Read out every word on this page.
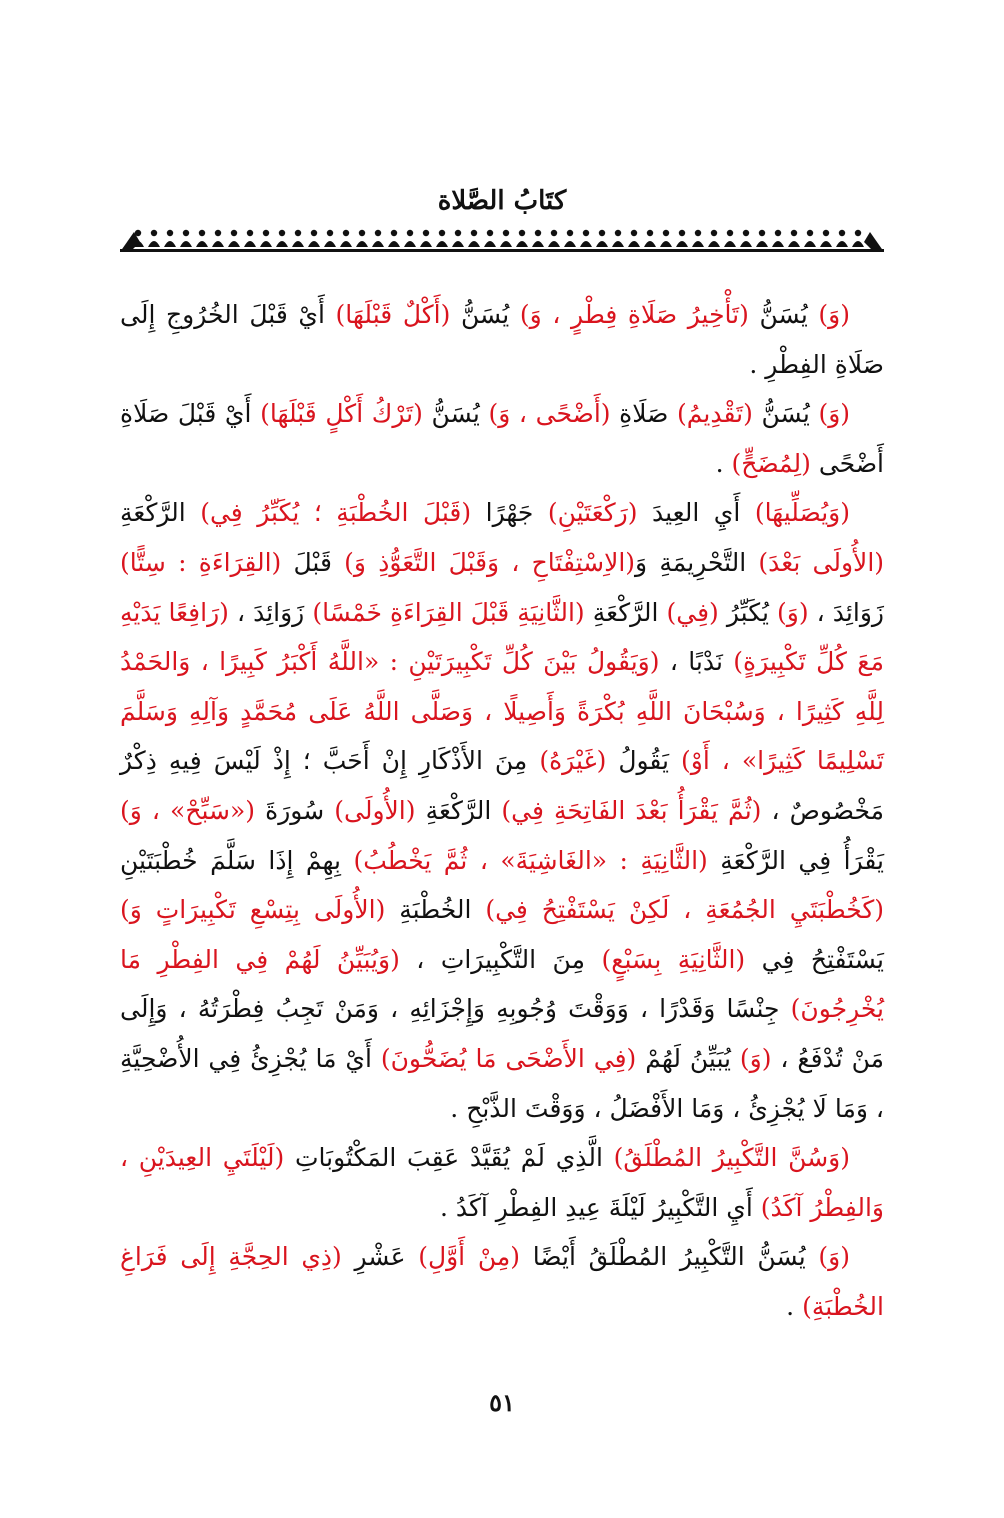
كتَابُ الصَّلاة

(وَ) يُسَنُّ (تَأْخِيرُ صَلَاةِ فِطْرٍ ، وَ) يُسَنُّ (أَكْلٌ قَبْلَهَا) أَيْ قَبْلَ الخُرُوجِ إِلَى صَلَاةِ الفِطْرِ .

(وَ) يُسَنُّ (تَقْدِيمُ) صَلَاةِ (أَضْحًى ، وَ) يُسَنُّ (تَرْكُ أَكْلٍ قَبْلَهَا) أَيْ قَبْلَ صَلَاةِ أَضْحًى (لِمُضَحٍّ) .

(وَيُصَلِّيهَا) أَيِ العِيدَ (رَكْعَتَيْنِ) جَهْرًا (قَبْلَ الخُطْبَةِ ؛ يُكَبِّرُ فِي) الرَّكْعَةِ (الأُولَى بَعْدَ) التَّحْرِيمَةِ وَ(الاِسْتِفْتَاحِ ، وَقَبْلَ التَّعَوُّذِ وَ) قَبْلَ (القِرَاءَةِ : سِتًّا) زَوَائِدَ ، (وَ) يُكَبِّرُ (فِي) الرَّكْعَةِ (الثَّانِيَةِ قَبْلَ القِرَاءَةِ خَمْسًا) زَوَائِدَ ، (رَافِعًا يَدَيْهِ مَعَ كُلِّ تَكْبِيرَةٍ) نَدْبًا ، (وَيَقُولُ بَيْنَ كُلِّ تَكْبِيرَتَيْنِ : «اللَّهُ أَكْبَرُ كَبِيرًا ، وَالحَمْدُ لِلَّهِ كَثِيرًا ، وَسُبْحَانَ اللَّهِ بُكْرَةً وَأَصِيلًا ، وَصَلَّى اللَّهُ عَلَى مُحَمَّدٍ وَآلِهِ وَسَلَّمَ تَسْلِيمًا كَثِيرًا» ، أَوْ) يَقُولُ (غَيْرَهُ) مِنَ الأَذْكَارِ إِنْ أَحَبَّ ؛ إِذْ لَيْسَ فِيهِ ذِكْرٌ مَخْصُوصٌ ، (ثُمَّ يَقْرَأُ بَعْدَ الفَاتِحَةِ فِي) الرَّكْعَةِ (الأُولَى) سُورَةَ («سَبِّحْ» ، وَ) يَقْرَأُ فِي الرَّكْعَةِ (الثَّانِيَةِ : «الغَاشِيَةَ» ، ثُمَّ يَخْطُبُ) بِهِمْ إِذَا سَلَّمَ خُطْبَتَيْنِ (كَخُطْبَتَيِ الجُمُعَةِ ، لَكِنْ يَسْتَفْتِحُ فِي) الخُطْبَةِ (الأُولَى بِتِسْعِ تَكْبِيرَاتٍ وَ) يَسْتَفْتِحُ فِي (الثَّانِيَةِ بِسَبْعٍ) مِنَ التَّكْبِيرَاتِ ، (وَيُبَيِّنُ لَهُمْ فِي الفِطْرِ مَا يُخْرِجُونَ) جِنْسًا وَقَدْرًا ، وَوَقْتَ وُجُوبِهِ وَإِجْزَائِهِ ، وَمَنْ تَجِبُ فِطْرَتُهُ ، وَإِلَى مَنْ تُدْفَعُ ، (وَ) يُبَيِّنُ لَهُمْ (فِي الأَضْحَى مَا يُضَحُّونَ) أَيْ مَا يُجْزِئُ فِي الأُضْحِيَّةِ ، وَمَا لَا يُجْزِئُ ، وَمَا الأَفْضَلُ ، وَوَقْتَ الذَّبْحِ .

(وَسُنَّ التَّكْبِيرُ المُطْلَقُ) الَّذِي لَمْ يُقَيَّدْ عَقِبَ المَكْتُوبَاتِ (لَيْلَتَيِ العِيدَيْنِ ، وَالفِطْرُ آكَدُ) أَيِ التَّكْبِيرُ لَيْلَةَ عِيدِ الفِطْرِ آكَدُ .

(وَ) يُسَنُّ التَّكْبِيرُ المُطْلَقُ أَيْضًا (مِنْ أَوَّلِ) عَشْرِ (ذِي الحِجَّةِ إِلَى فَرَاغِ الخُطْبَةِ) .

٥١
